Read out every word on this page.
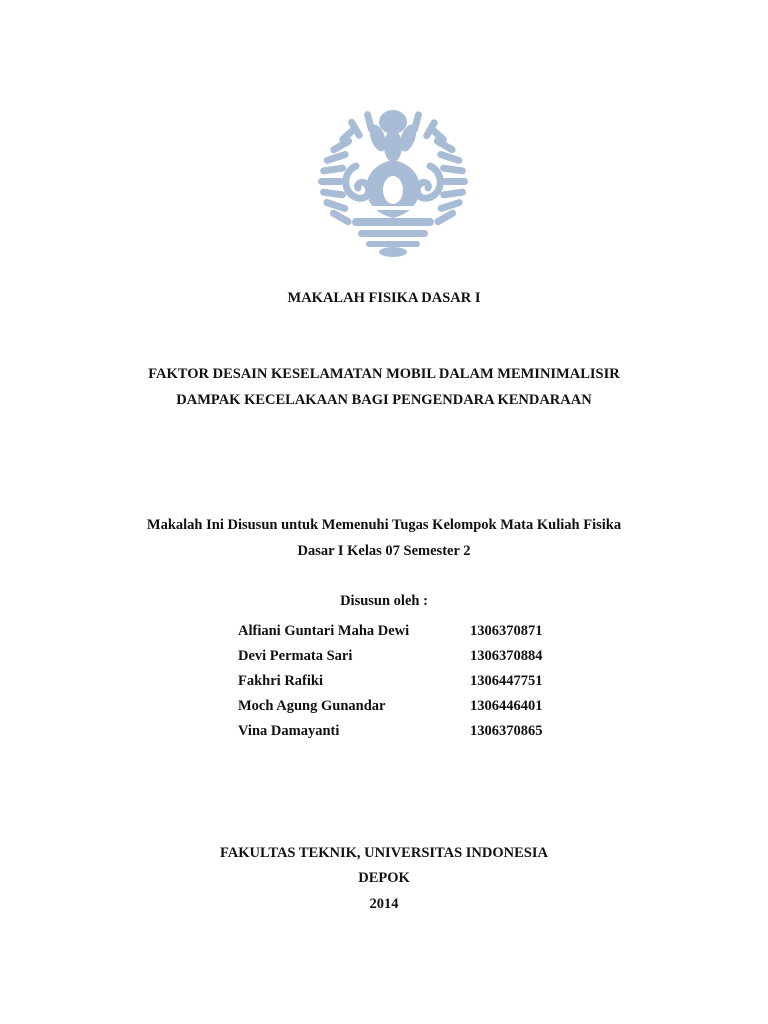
MAKALAH FISIKA DASAR I
FAKTOR DESAIN KESELAMATAN MOBIL DALAM MEMINIMALISIR
DAMPAK KECELAKAAN BAGI PENGENDARA KENDARAAN
Makalah Ini Disusun untuk Memenuhi Tugas Kelompok Mata Kuliah Fisika
Dasar I Kelas 07 Semester 2
Disusun oleh :
Alfiani Guntari Maha Dewi	1306370871
Devi Permata Sari	1306370884
Fakhri Rafiki	1306447751
Moch Agung Gunandar	1306446401
Vina Damayanti	1306370865
FAKULTAS TEKNIK, UNIVERSITAS INDONESIA
DEPOK
2014
